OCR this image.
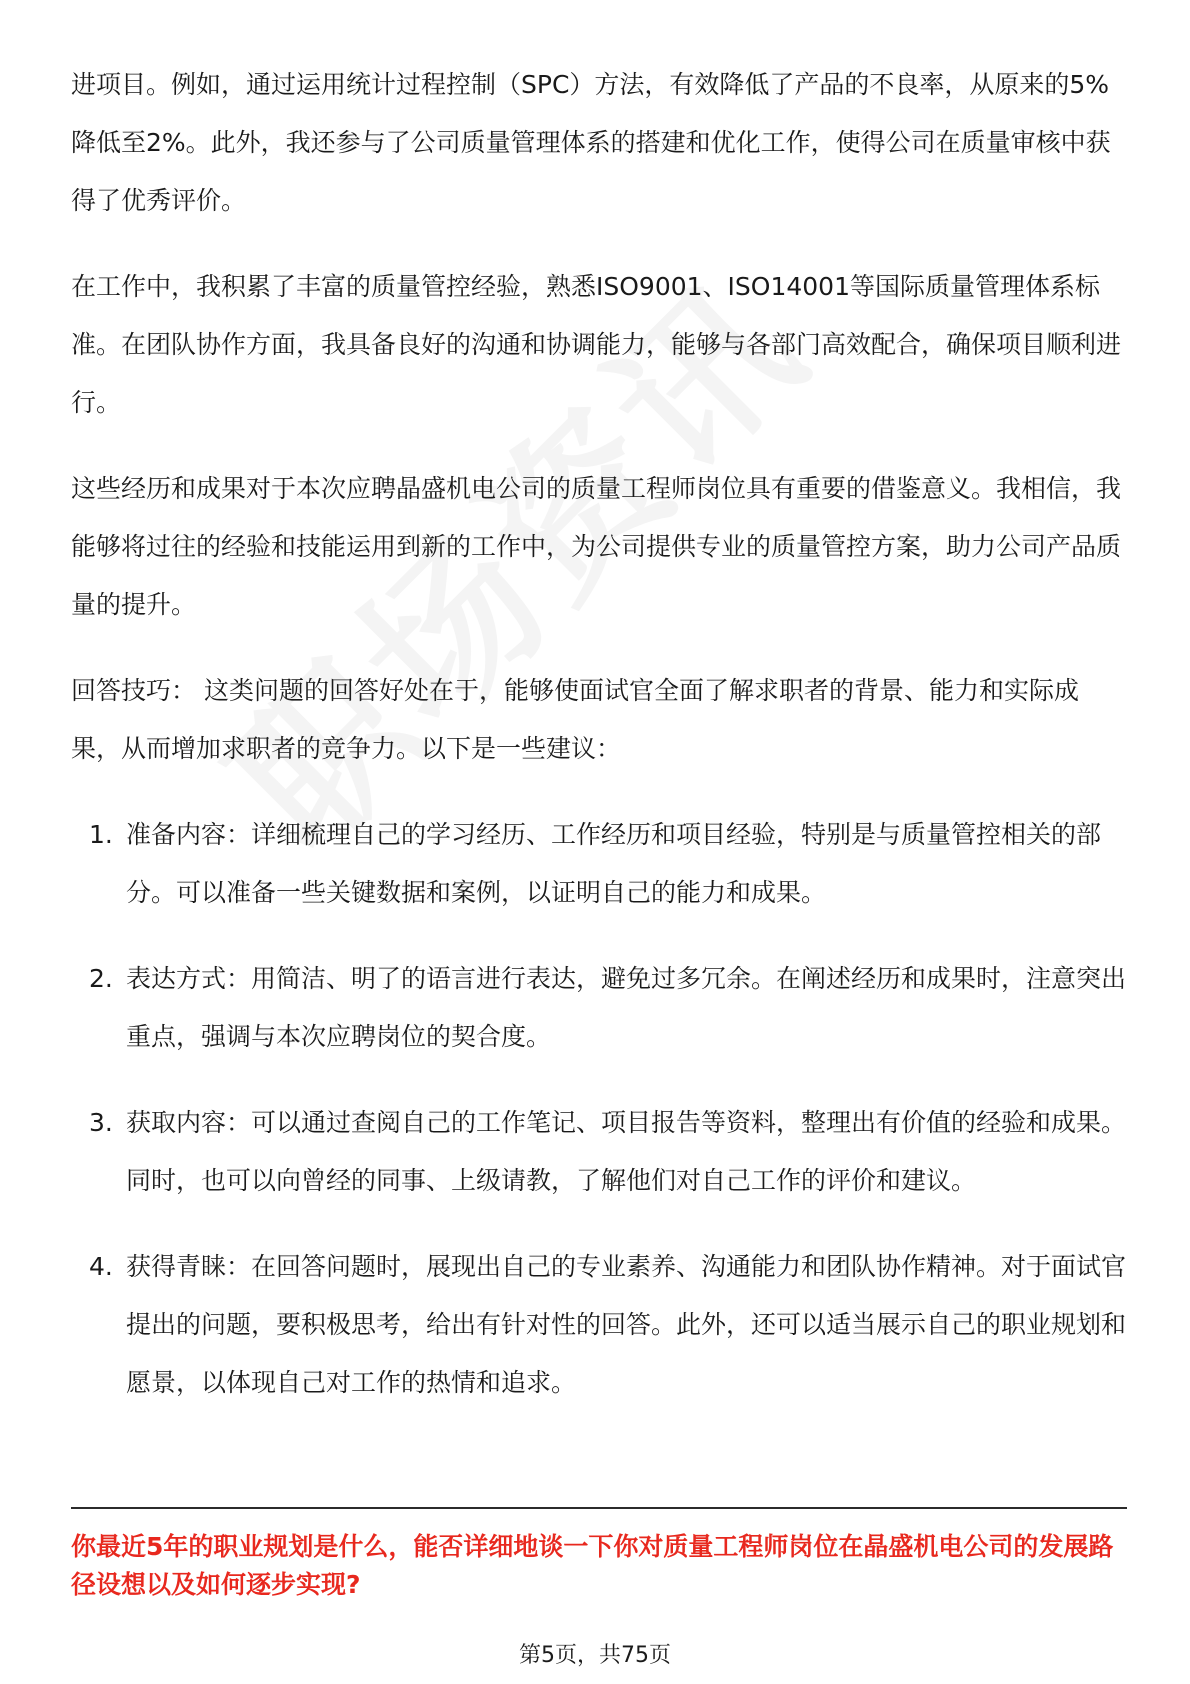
进项目。例如，通过运用统计过程控制（SPC）方法，有效降低了产品的不良率，从原来的5%降低至2%。此外，我还参与了公司质量管理体系的搭建和优化工作，使得公司在质量审核中获得了优秀评价。

在工作中，我积累了丰富的质量管控经验，熟悉ISO9001、ISO14001等国际质量管理体系标准。在团队协作方面，我具备良好的沟通和协调能力，能够与各部门高效配合，确保项目顺利进行。

这些经历和成果对于本次应聘晶盛机电公司的质量工程师岗位具有重要的借鉴意义。我相信，我能够将过往的经验和技能运用到新的工作中，为公司提供专业的质量管控方案，助力公司产品质量的提升。

回答技巧： 这类问题的回答好处在于，能够使面试官全面了解求职者的背景、能力和实际成果，从而增加求职者的竞争力。以下是一些建议：

1. 准备内容：详细梳理自己的学习经历、工作经历和项目经验，特别是与质量管控相关的部分。可以准备一些关键数据和案例，以证明自己的能力和成果。
2. 表达方式：用简洁、明了的语言进行表达，避免过多冗余。在阐述经历和成果时，注意突出重点，强调与本次应聘岗位的契合度。
3. 获取内容：可以通过查阅自己的工作笔记、项目报告等资料，整理出有价值的经验和成果。同时，也可以向曾经的同事、上级请教，了解他们对自己工作的评价和建议。
4. 获得青睐：在回答问题时，展现出自己的专业素养、沟通能力和团队协作精神。对于面试官提出的问题，要积极思考，给出有针对性的回答。此外，还可以适当展示自己的职业规划和愿景，以体现自己对工作的热情和追求。
你最近5年的职业规划是什么，能否详细地谈一下你对质量工程师岗位在晶盛机电公司的发展路径设想以及如何逐步实现?
第5页，共75页
